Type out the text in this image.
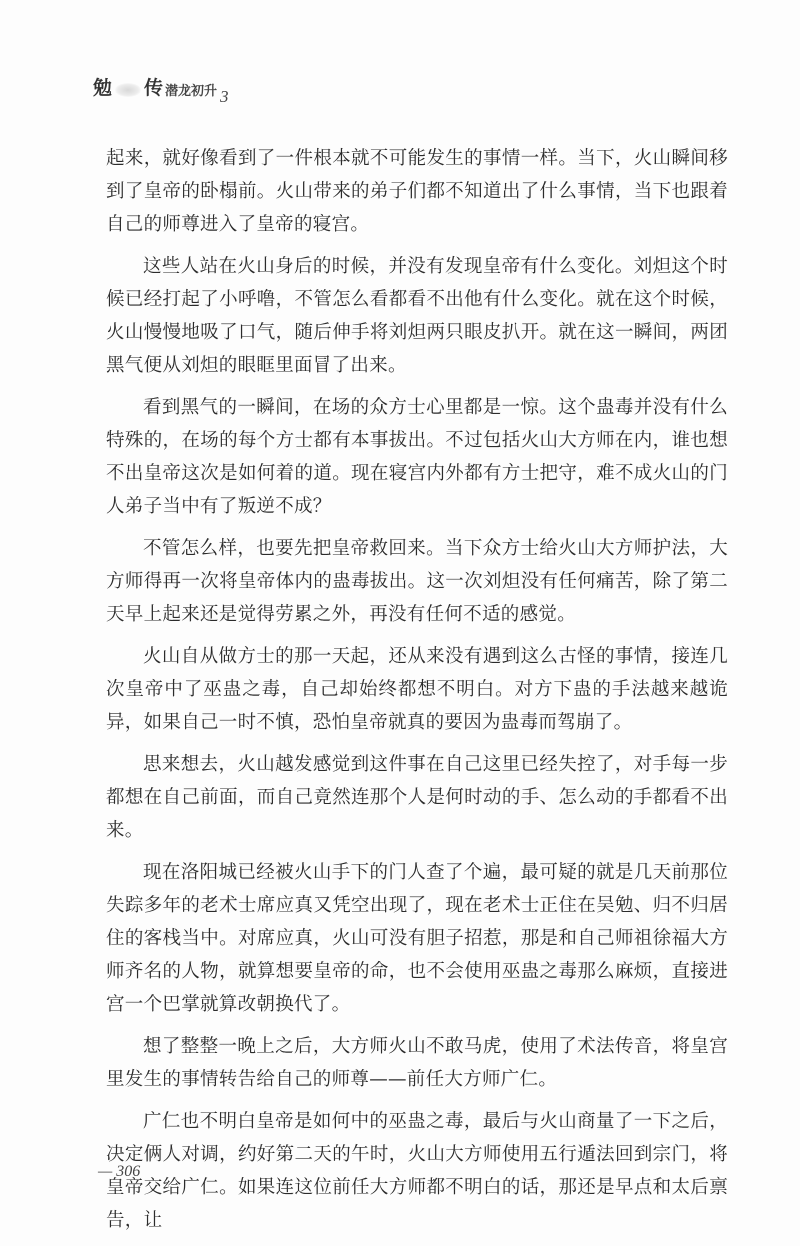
勉 传 潜龙初升 3

起来，就好像看到了一件根本就不可能发生的事情一样。当下，火山瞬间移到了皇帝的卧榻前。火山带来的弟子们都不知道出了什么事情，当下也跟着自己的师尊进入了皇帝的寝宫。

这些人站在火山身后的时候，并没有发现皇帝有什么变化。刘炟这个时候已经打起了小呼噜，不管怎么看都看不出他有什么变化。就在这个时候，火山慢慢地吸了口气，随后伸手将刘炟两只眼皮扒开。就在这一瞬间，两团黑气便从刘炟的眼眶里面冒了出来。

看到黑气的一瞬间，在场的众方士心里都是一惊。这个蛊毒并没有什么特殊的，在场的每个方士都有本事拔出。不过包括火山大方师在内，谁也想不出皇帝这次是如何着的道。现在寝宫内外都有方士把守，难不成火山的门人弟子当中有了叛逆不成？

不管怎么样，也要先把皇帝救回来。当下众方士给火山大方师护法，大方师得再一次将皇帝体内的蛊毒拔出。这一次刘炟没有任何痛苦，除了第二天早上起来还是觉得劳累之外，再没有任何不适的感觉。

火山自从做方士的那一天起，还从来没有遇到这么古怪的事情，接连几次皇帝中了巫蛊之毒，自己却始终都想不明白。对方下蛊的手法越来越诡异，如果自己一时不慎，恐怕皇帝就真的要因为蛊毒而驾崩了。

思来想去，火山越发感觉到这件事在自己这里已经失控了，对手每一步都想在自己前面，而自己竟然连那个人是何时动的手、怎么动的手都看不出来。

现在洛阳城已经被火山手下的门人查了个遍，最可疑的就是几天前那位失踪多年的老术士席应真又凭空出现了，现在老术士正住在吴勉、归不归居住的客栈当中。对席应真，火山可没有胆子招惹，那是和自己师祖徐福大方师齐名的人物，就算想要皇帝的命，也不会使用巫蛊之毒那么麻烦，直接进宫一个巴掌就算改朝换代了。

想了整整一晚上之后，大方师火山不敢马虎，使用了术法传音，将皇宫里发生的事情转告给自己的师尊——前任大方师广仁。

广仁也不明白皇帝是如何中的巫蛊之毒，最后与火山商量了一下之后，决定俩人对调，约好第二天的午时，火山大方师使用五行遁法回到宗门，将皇帝交给广仁。如果连这位前任大方师都不明白的话，那还是早点和太后禀告，让

— 306
